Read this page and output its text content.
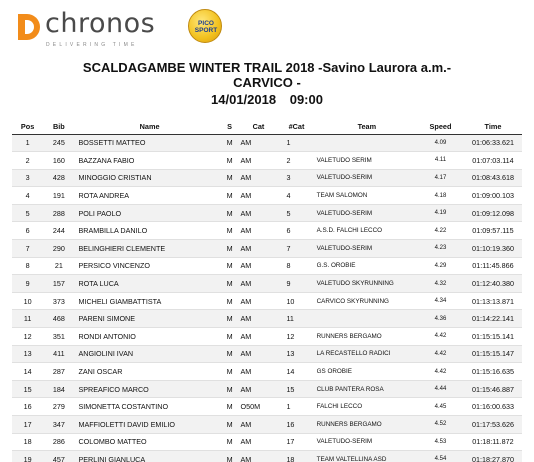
chronos
DELIVERING TIME
PICO
SPORT
SCALDAGAMBE WINTER TRAIL 2018 -Savino Laurora a.m.-
CARVICO -
14/01/2018 09:00
Pos	Bib	Name	S	Cat	#Cat	Team	Speed	Time
1	245	BOSSETTI MATTEO	M	AM	1		4.09	01:06:33.621
2	160	BAZZANA FABIO	M	AM	2	VALETUDO SERIM	4.11	01:07:03.114
3	428	MINOGGIO CRISTIAN	M	AM	3	VALETUDO-SERIM	4.17	01:08:43.618
4	191	ROTA ANDREA	M	AM	4	TEAM SALOMON	4.18	01:09:00.103
5	288	POLI PAOLO	M	AM	5	VALETUDO-SERIM	4.19	01:09:12.098
6	244	BRAMBILLA DANILO	M	AM	6	A.S.D. FALCHI LECCO	4.22	01:09:57.115
7	290	BELINGHIERI CLEMENTE	M	AM	7	VALETUDO-SERIM	4.23	01:10:19.360
8	21	PERSICO VINCENZO	M	AM	8	G.S. OROBIE	4.29	01:11:45.866
9	157	ROTA LUCA	M	AM	9	VALETUDO SKYRUNNING	4.32	01:12:40.380
10	373	MICHELI GIAMBATTISTA	M	AM	10	CARVICO SKYRUNNING	4.34	01:13:13.871
11	468	PARENI SIMONE	M	AM	11		4.36	01:14:22.141
12	351	RONDI ANTONIO	M	AM	12	RUNNERS BERGAMO	4.42	01:15:15.141
13	411	ANGIOLINI IVAN	M	AM	13	LA RECASTELLO RADICI	4.42	01:15:15.147
14	287	ZANI OSCAR	M	AM	14	GS OROBIE	4.42	01:15:16.635
15	184	SPREAFICO MARCO	M	AM	15	CLUB PANTERA ROSA	4.44	01:15:46.887
16	279	SIMONETTA COSTANTINO	M	O50M	1	FALCHI LECCO	4.45	01:16:00.633
17	347	MAFFIOLETTI DAVID EMILIO	M	AM	16	RUNNERS BERGAMO	4.52	01:17:53.626
18	286	COLOMBO MATTEO	M	AM	17	VALETUDO-SERIM	4.53	01:18:11.872
19	457	PERLINI GIANLUCA	M	AM	18	TEAM VALTELLINA ASD	4.54	01:18:27.870
